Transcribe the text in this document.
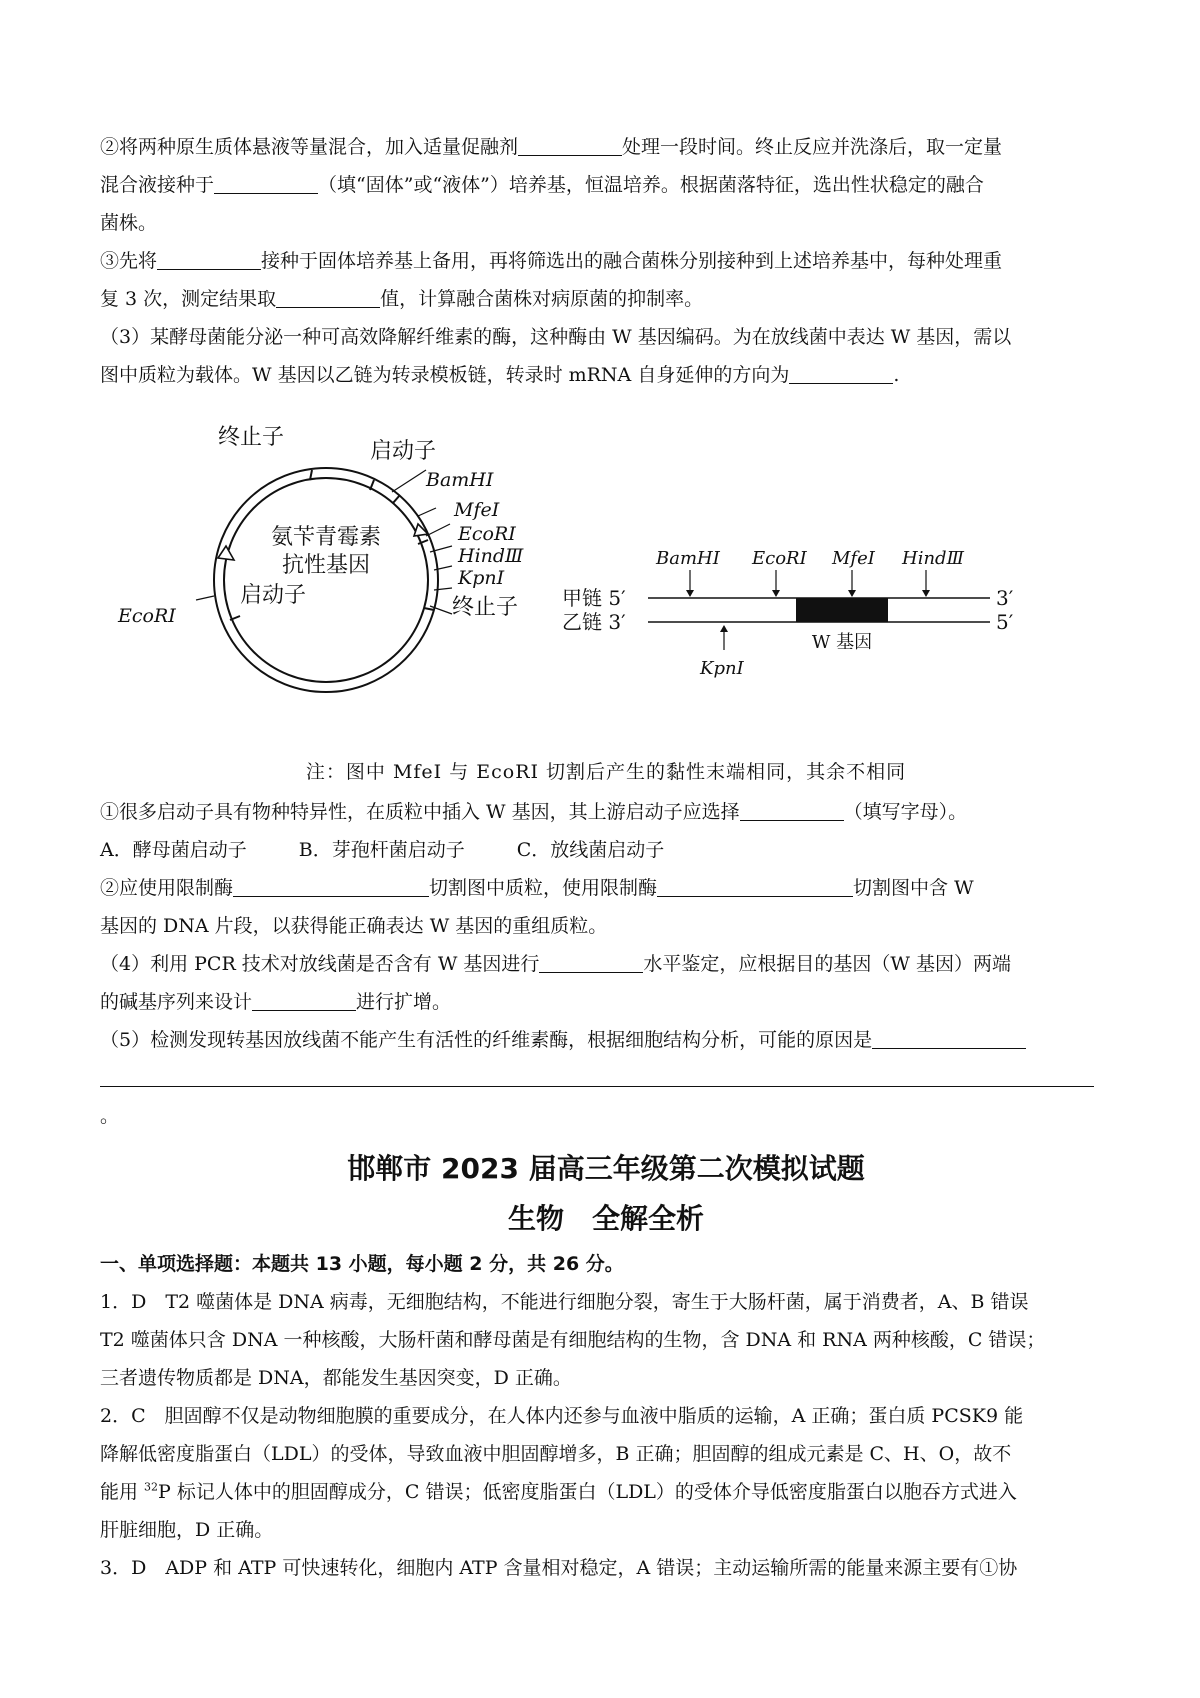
②将两种原生质体悬液等量混合，加入适量促融剂	处理一段时间。终止反应并洗涤后，取一定量

混合液接种于	（填“固体”或“液体”）培养基，恒温培养。根据菌落特征，选出性状稳定的融合

菌株。

③先将	接种于固体培养基上备用，再将筛选出的融合菌株分别接种到上述培养基中，每种处理重

复 3 次，测定结果取	值，计算融合菌株对病原菌的抑制率。

（3）某酵母菌能分泌一种可高效降解纤维素的酶，这种酶由 W 基因编码。为在放线菌中表达 W 基因，需以

图中质粒为载体。W 基因以乙链为转录模板链，转录时 mRNA 自身延伸的方向为	.

终止子
启动子
BamHⅠ
MfeⅠ
EcoRⅠ
HindⅢ
KpnⅠ
终止子
启动子
EcoRⅠ
氨苄青霉素
抗性基因
甲链 5′	3′
乙链 3′	5′
BamHⅠ EcoRⅠ MfeⅠ HindⅢ
KpnⅠ
W 基因
注：图中 MfeⅠ 与 EcoRⅠ 切割后产生的黏性末端相同，其余不相同

①很多启动子具有物种特异性，在质粒中插入 W 基因，其上游启动子应选择	（填写字母）。

A．酵母菌启动子	B．芽孢杆菌启动子	C．放线菌启动子

②应使用限制酶	切割图中质粒，使用限制酶	切割图中含 W

基因的 DNA 片段，以获得能正确表达 W 基因的重组质粒。

（4）利用 PCR 技术对放线菌是否含有 W 基因进行	水平鉴定，应根据目的基因（W 基因）两端

的碱基序列来设计	进行扩增。

（5）检测发现转基因放线菌不能产生有活性的纤维素酶，根据细胞结构分析，可能的原因是

。

邯郸市 2023 届高三年级第二次模拟试题
生物　全解全析
一、单项选择题：本题共 13 小题，每小题 2 分，共 26 分。

1．D　T2 噬菌体是 DNA 病毒，无细胞结构，不能进行细胞分裂，寄生于大肠杆菌，属于消费者，A、B 错误

T2 噬菌体只含 DNA 一种核酸，大肠杆菌和酵母菌是有细胞结构的生物，含 DNA 和 RNA 两种核酸，C 错误；

三者遗传物质都是 DNA，都能发生基因突变，D 正确。

2．C　胆固醇不仅是动物细胞膜的重要成分，在人体内还参与血液中脂质的运输，A 正确；蛋白质 PCSK9 能

降解低密度脂蛋白（LDL）的受体，导致血液中胆固醇增多，B 正确；胆固醇的组成元素是 C、H、O，故不

能用 $^{32}$P 标记人体中的胆固醇成分，C 错误；低密度脂蛋白（LDL）的受体介导低密度脂蛋白以胞吞方式进入

肝脏细胞，D 正确。

3．D　ADP 和 ATP 可快速转化，细胞内 ATP 含量相对稳定，A 错误；主动运输所需的能量来源主要有①协
